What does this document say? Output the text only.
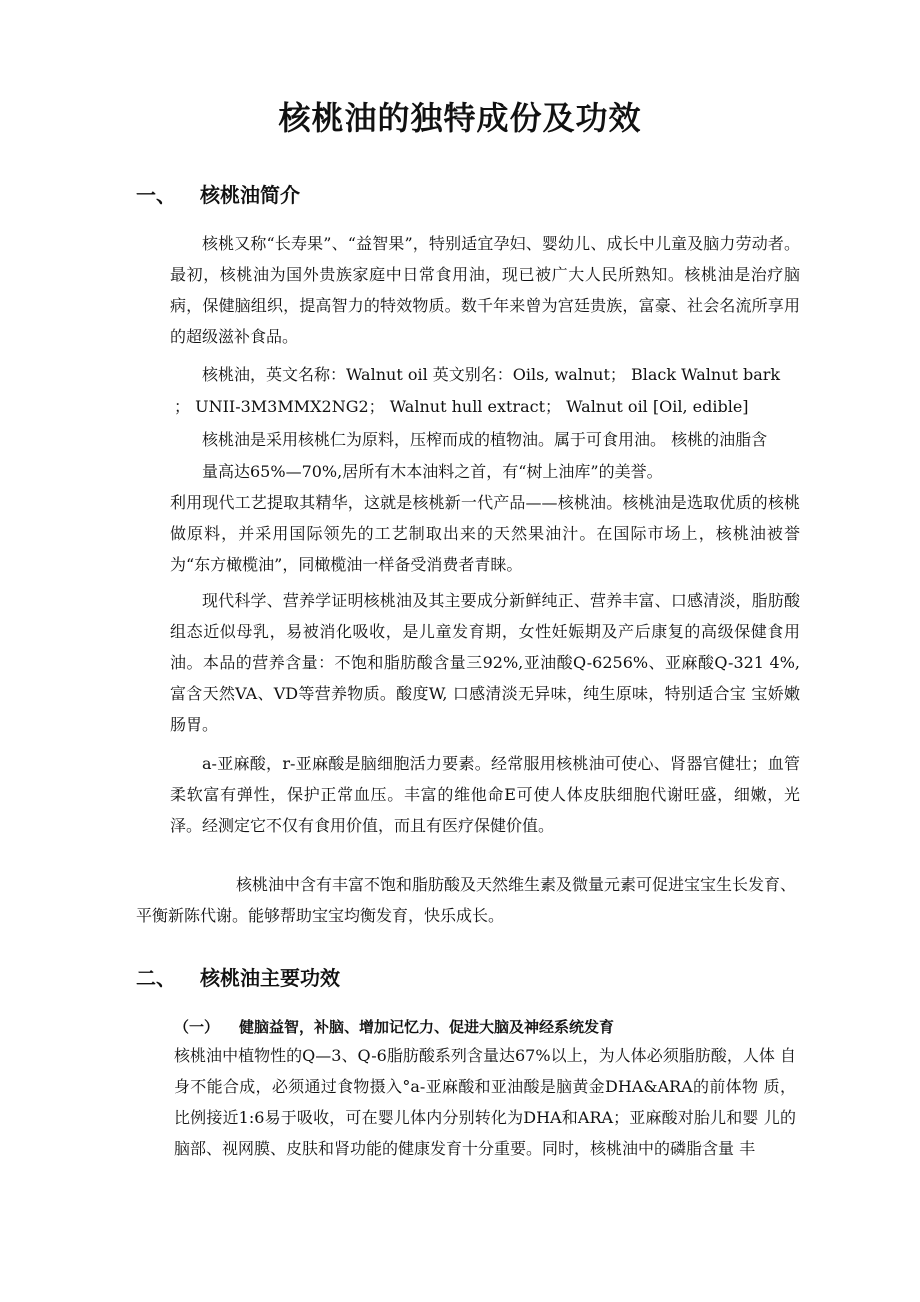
核桃油的独特成份及功效
一、 核桃油简介

核桃又称“长寿果”、“益智果”，特别适宜孕妇、婴幼儿、成长中儿童及脑力劳动者。最初，核桃油为国外贵族家庭中日常食用油，现已被广大人民所熟知。核桃油是治疗脑病，保健脑组织，提高智力的特效物质。数千年来曾为宫廷贵族，富豪、社会名流所享用的超级滋补食品。

核桃油，英文名称：Walnut oil 英文别名：Oils, walnut； Black Walnut bark

； UNII-3M3MMX2NG2； Walnut hull extract； Walnut oil [Oil, edible]

核桃油是采用核桃仁为原料，压榨而成的植物油。属于可食用油。 核桃的油脂含

量高达65%—70%,居所有木本油料之首，有“树上油库”的美誉。

利用现代工艺提取其精华，这就是核桃新一代产品——核桃油。核桃油是选取优质的核桃做原料，并采用国际领先的工艺制取出来的天然果油汁。在国际市场上，核桃油被誉为“东方橄榄油”，同橄榄油一样备受消费者青睐。

现代科学、营养学证明核桃油及其主要成分新鲜纯正、营养丰富、口感清淡，脂肪酸组态近似母乳，易被消化吸收，是儿童发育期，女性妊娠期及产后康复的高级保健食用油。本品的营养含量：不饱和脂肪酸含量三92%,亚油酸Q-6256%、亚麻酸Q-321 4%,富含天然VA、VD等营养物质。酸度W, 口感清淡无异味，纯生原味，特别适合宝 宝娇嫩肠胃。

a-亚麻酸，r-亚麻酸是脑细胞活力要素。经常服用核桃油可使心、肾器官健壮；血管柔软富有弹性，保护正常血压。丰富的维他命E可使人体皮肤细胞代谢旺盛，细嫩，光泽。经测定它不仅有食用价值，而且有医疗保健价值。

核桃油中含有丰富不饱和脂肪酸及天然维生素及微量元素可促进宝宝生长发育、平衡新陈代谢。能够帮助宝宝均衡发育，快乐成长。

二、 核桃油主要功效
（一） 健脑益智，补脑、增加记忆力、促进大脑及神经系统发育

核桃油中植物性的Q—3、Q-6脂肪酸系列含量达67%以上，为人体必须脂肪酸，人体 自身不能合成，必须通过食物摄入°a-亚麻酸和亚油酸是脑黄金DHA&ARA的前体物 质，比例接近1:6易于吸收，可在婴儿体内分别转化为DHA和ARA；亚麻酸对胎儿和婴 儿的脑部、视网膜、皮肤和肾功能的健康发育十分重要。同时，核桃油中的磷脂含量 丰
